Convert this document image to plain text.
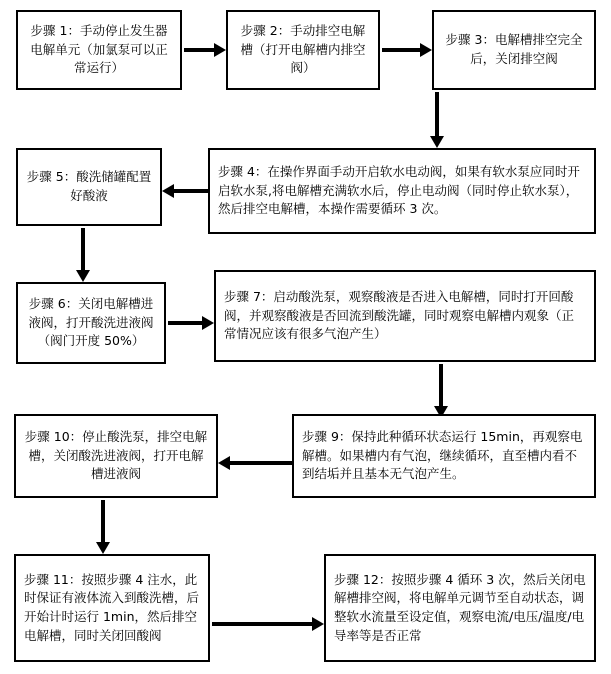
步骤 1：手动停止发生器电解单元（加氯泵可以正常运行）
步骤 2：手动排空电解槽（打开电解槽内排空阀）
步骤 3：电解槽排空完全后，关闭排空阀
步骤 4：在操作界面手动开启软水电动阀，如果有软水泵应同时开启软水泵,将电解槽充满软水后，停止电动阀（同时停止软水泵），然后排空电解槽，本操作需要循环 3 次。
步骤 5：酸洗储罐配置好酸液
步骤 6：关闭电解槽进液阀，打开酸洗进液阀（阀门开度 50%）
步骤 7：启动酸洗泵，观察酸液是否进入电解槽，同时打开回酸阀，并观察酸液是否回流到酸洗罐，同时观察电解槽内观象（正常情况应该有很多气泡产生）
步骤 9：保持此种循环状态运行 15min，再观察电解槽。如果槽内有气泡，继续循环，直至槽内看不到结垢并且基本无气泡产生。
步骤 10：停止酸洗泵，排空电解槽，关闭酸洗进液阀，打开电解槽进液阀
步骤 11：按照步骤 4 注水，此时保证有液体流入到酸洗槽，后开始计时运行 1min，然后排空电解槽，同时关闭回酸阀
步骤 12：按照步骤 4 循环 3 次，然后关闭电解槽排空阀，将电解单元调节至自动状态，调整软水流量至设定值，观察电流/电压/温度/电导率等是否正常
